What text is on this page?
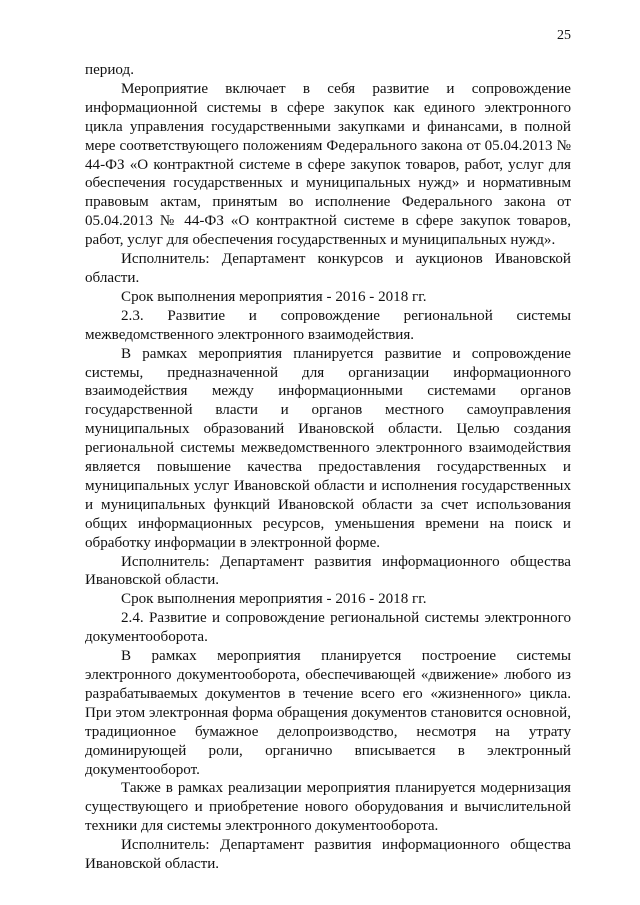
25

период.

Мероприятие включает в себя развитие и сопровождение информационной системы в сфере закупок как единого электронного цикла управления государственными закупками и финансами, в полной мере соответствующего положениям Федерального закона от 05.04.2013 № 44-ФЗ «О контрактной системе в сфере закупок товаров, работ, услуг для обеспечения государственных и муниципальных нужд» и нормативным правовым актам, принятым во исполнение Федерального закона от 05.04.2013 № 44-ФЗ «О контрактной системе в сфере закупок товаров, работ, услуг для обеспечения государственных и муниципальных нужд».

Исполнитель: Департамент конкурсов и аукционов Ивановской области.

Срок выполнения мероприятия - 2016 - 2018 гг.

2.3. Развитие и сопровождение региональной системы межведомственного электронного взаимодействия.

В рамках мероприятия планируется развитие и сопровождение системы, предназначенной для организации информационного взаимодействия между информационными системами органов государственной власти и органов местного самоуправления муниципальных образований Ивановской области. Целью создания региональной системы межведомственного электронного взаимодействия является повышение качества предоставления государственных и муниципальных услуг Ивановской области и исполнения государственных и муниципальных функций Ивановской области за счет использования общих информационных ресурсов, уменьшения времени на поиск и обработку информации в электронной форме.

Исполнитель: Департамент развития информационного общества Ивановской области.

Срок выполнения мероприятия - 2016 - 2018 гг.

2.4. Развитие и сопровождение региональной системы электронного документооборота.

В рамках мероприятия планируется построение системы электронного документооборота, обеспечивающей «движение» любого из разрабатываемых документов в течение всего его «жизненного» цикла. При этом электронная форма обращения документов становится основной, традиционное бумажное делопроизводство, несмотря на утрату доминирующей роли, органично вписывается в электронный документооборот.

Также в рамках реализации мероприятия планируется модернизация существующего и приобретение нового оборудования и вычислительной техники для системы электронного документооборота.

Исполнитель: Департамент развития информационного общества Ивановской области.
